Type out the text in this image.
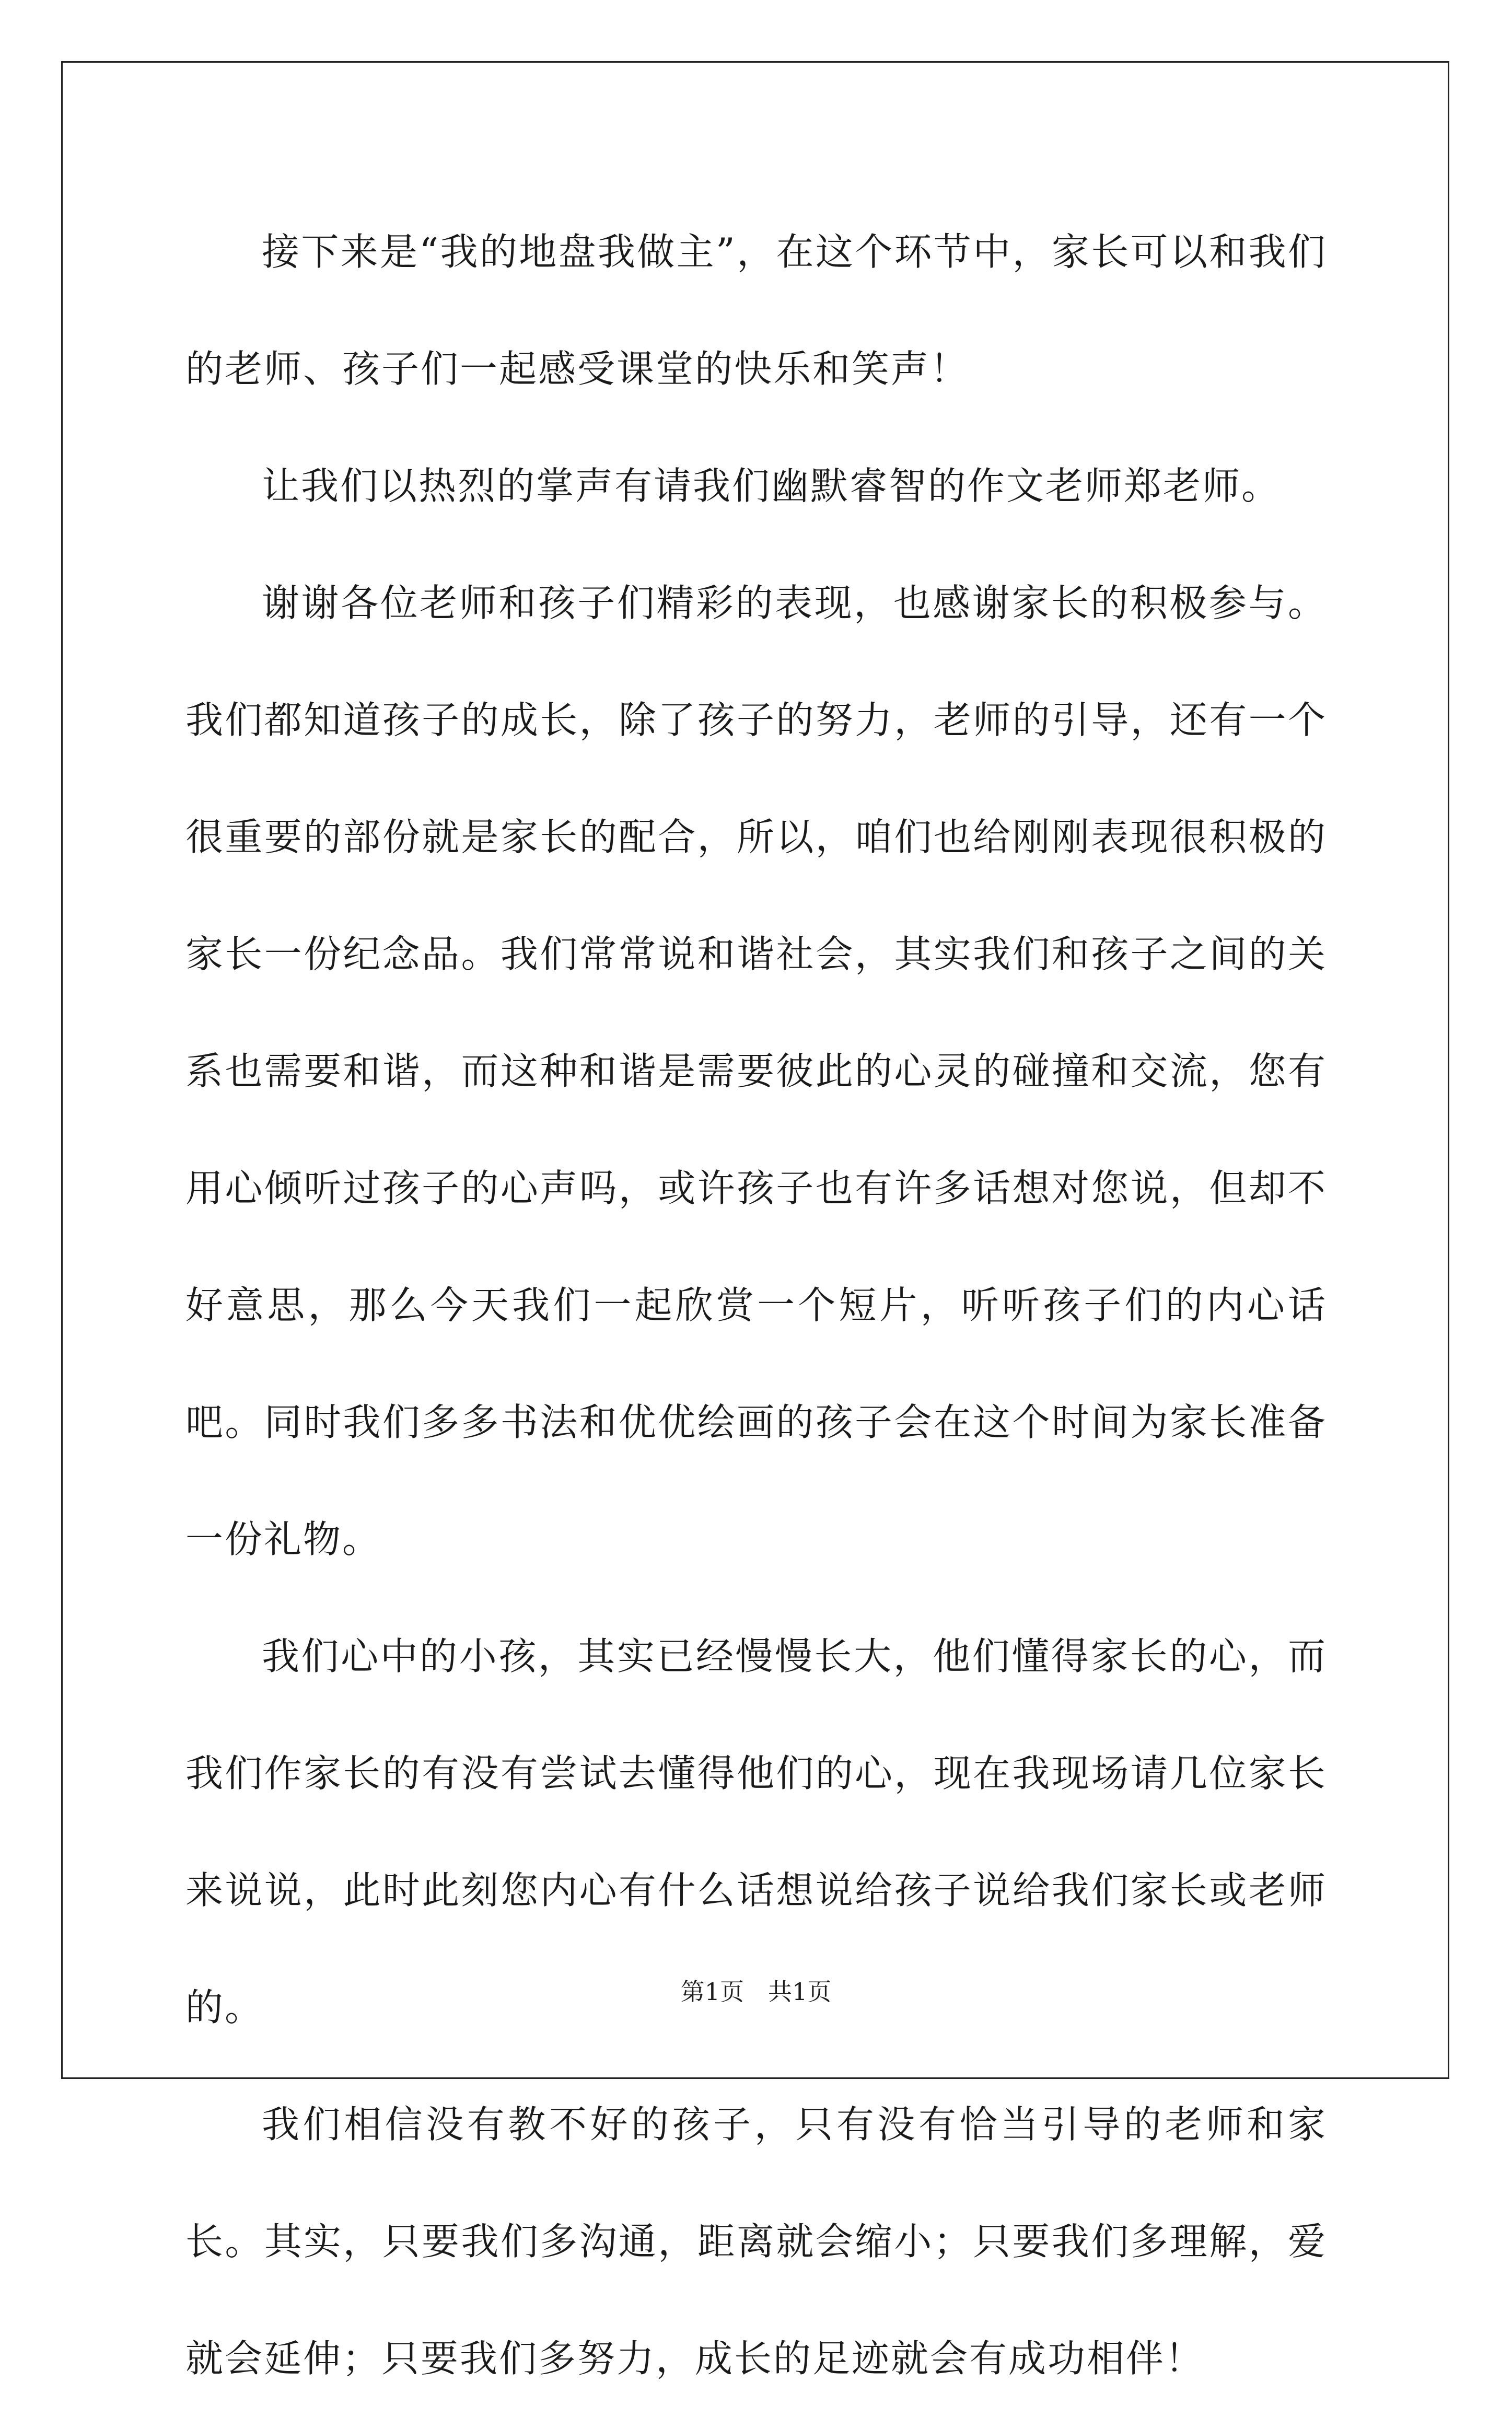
接下来是“我的地盘我做主”，在这个环节中，家长可以和我们的老师、孩子们一起感受课堂的快乐和笑声！

让我们以热烈的掌声有请我们幽默睿智的作文老师郑老师。

谢谢各位老师和孩子们精彩的表现，也感谢家长的积极参与。我们都知道孩子的成长，除了孩子的努力，老师的引导，还有一个很重要的部份就是家长的配合，所以，咱们也给刚刚表现很积极的家长一份纪念品。我们常常说和谐社会，其实我们和孩子之间的关系也需要和谐，而这种和谐是需要彼此的心灵的碰撞和交流，您有用心倾听过孩子的心声吗，或许孩子也有许多话想对您说，但却不好意思，那么今天我们一起欣赏一个短片，听听孩子们的内心话吧。同时我们多多书法和优优绘画的孩子会在这个时间为家长准备一份礼物。

我们心中的小孩，其实已经慢慢长大，他们懂得家长的心，而我们作家长的有没有尝试去懂得他们的心，现在我现场请几位家长来说说，此时此刻您内心有什么话想说给孩子说给我们家长或老师的。

我们相信没有教不好的孩子，只有没有恰当引导的老师和家长。其实，只要我们多沟通，距离就会缩小；只要我们多理解，爱就会延伸；只要我们多努力，成长的足迹就会有成功相伴！

第1页 共1页
